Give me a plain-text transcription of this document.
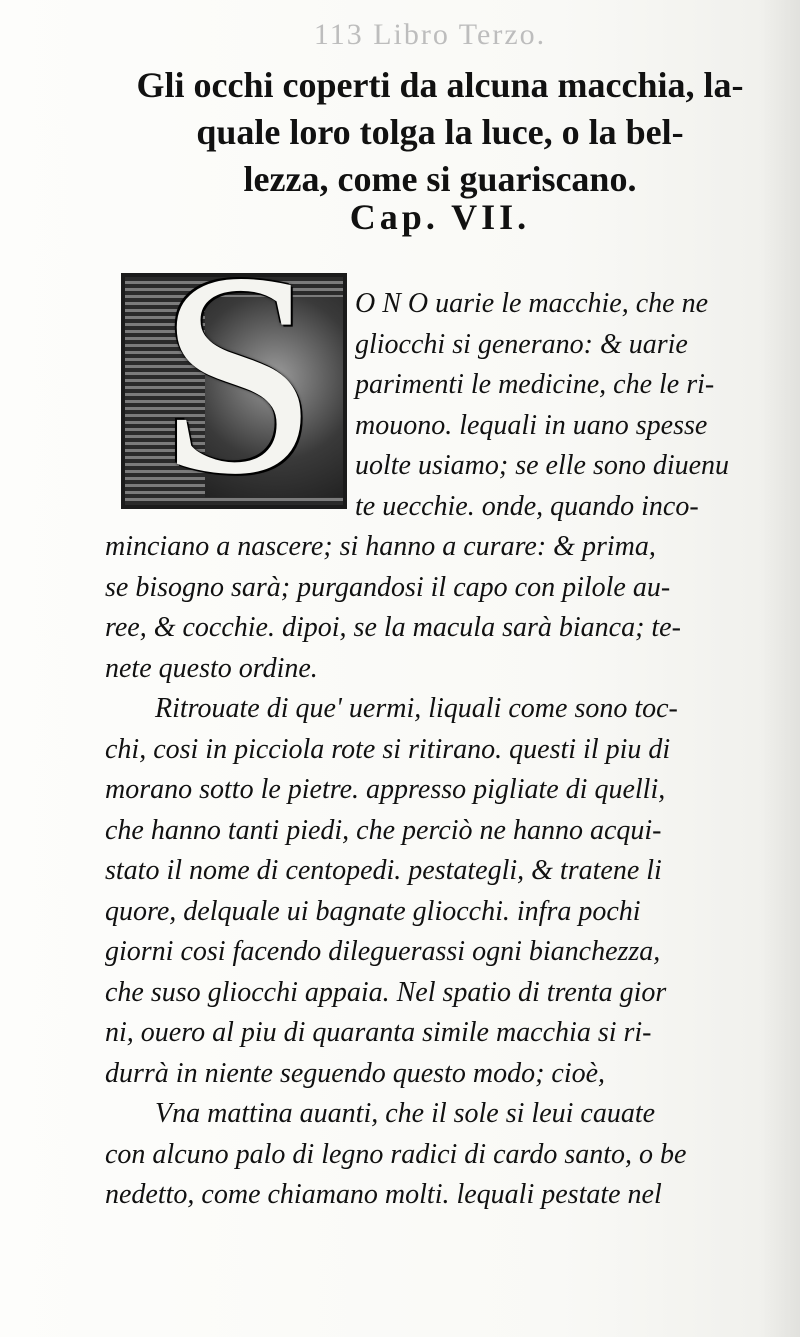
113 Libro Terzo.
Gli occhi coperti da alcuna macchia, la-
quale loro tolga la luce, o la bel-
lezza, come si guariscano.
Cap. VII.
S	O N O uarie le macchie, che ne
gliocchi si generano: & uarie
parimenti le medicine, che le ri-
mouono. lequali in uano spesse
uolte usiamo; se elle sono diuenu
te uecchie. onde, quando inco-
minciano a nascere; si hanno a curare: & prima,
se bisogno sarà; purgandosi il capo con pilole au-
ree, & cocchie. dipoi, se la macula sarà bianca; te-
nete questo ordine.
Ritrouate di que' uermi, liquali come sono toc-
chi, cosi in picciola rote si ritirano. questi il piu di
morano sotto le pietre. appresso pigliate di quelli,
che hanno tanti piedi, che perciò ne hanno acqui-
stato il nome di centopedi. pestategli, & tratene li
quore, delquale ui bagnate gliocchi. infra pochi
giorni cosi facendo dileguerassi ogni bianchezza,
che suso gliocchi appaia. Nel spatio di trenta gior
ni, ouero al piu di quaranta simile macchia si ri-
durrà in niente seguendo questo modo; cioè,
Vna mattina auanti, che il sole si leui cauate
con alcuno palo di legno radici di cardo santo, o be
nedetto, come chiamano molti. lequali pestate nel
